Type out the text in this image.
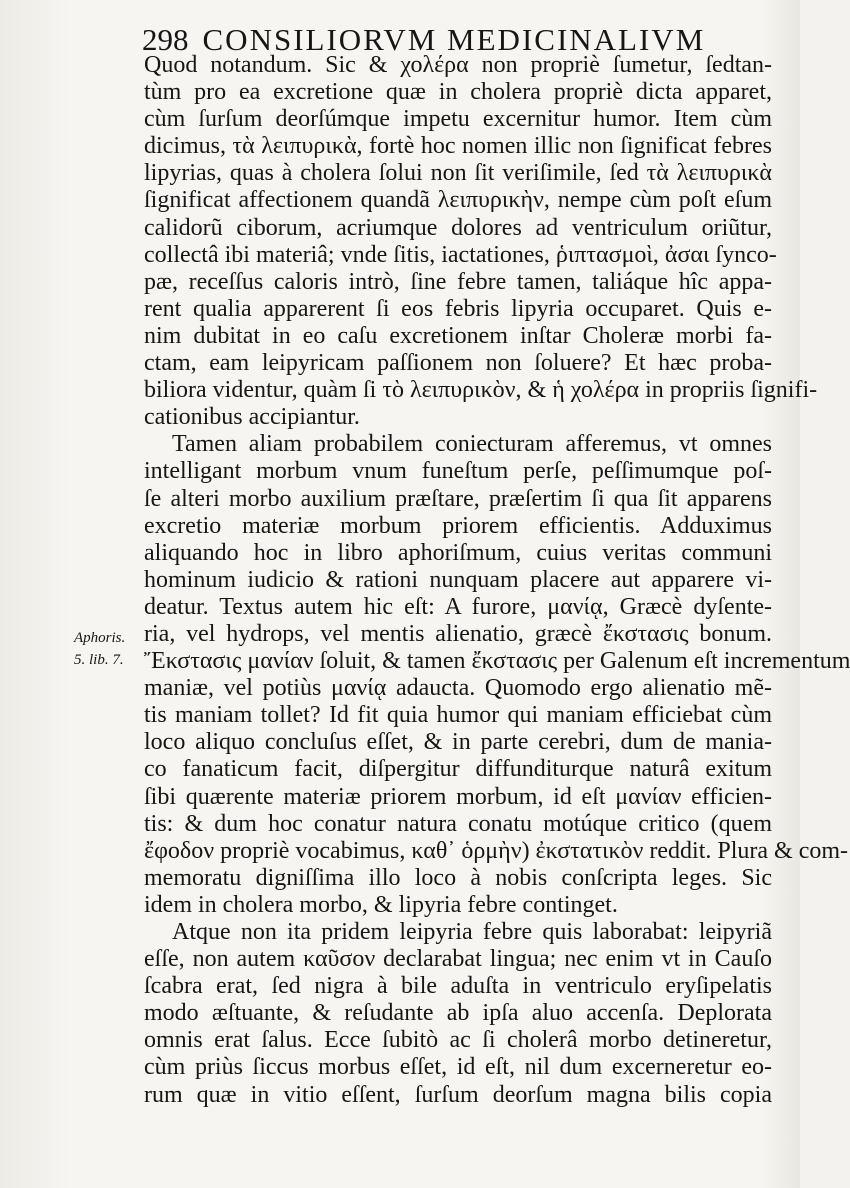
298 CONSILIORVM MEDICINALIVM
Aphoris.
5. lib. 7.
Quod notandum. Sic & χολέρα non propriè ſumetur, ſedtan-
tùm pro ea excretione quæ in cholera propriè dicta apparet,
cùm ſurſum deorſúmque impetu excernitur humor. Item cùm
dicimus, τὰ λειπυρικὰ, fortè hoc nomen illic non ſignificat febres
lipyrias, quas à cholera ſolui non ſit veriſimile, ſed τὰ λειπυρικὰ
ſignificat affectionem quandã λειπυρικὴν, nempe cùm poſt eſum
calidorũ ciborum, acriumque dolores ad ventriculum oriũtur,
collectâ ibi materiâ; vnde ſitis, iactationes, ῥιπτασμοὶ, ἀσαι ſynco-
pæ, receſſus caloris intrò, ſine febre tamen, taliáque hîc appa-
rent qualia apparerent ſi eos febris lipyria occuparet. Quis e-
nim dubitat in eo caſu excretionem inſtar Choleræ morbi fa-
ctam, eam leipyricam paſſionem non ſoluere? Et hæc proba-
biliora videntur, quàm ſi τὸ λειπυρικὸν, & ἡ χολέρα in propriis ſignifi-
cationibus accipiantur.
Tamen aliam probabilem coniecturam afferemus, vt omnes
intelligant morbum vnum funeſtum perſe, peſſimumque poſ-
ſe alteri morbo auxilium præſtare, præſertim ſi qua ſit apparens
excretio materiæ morbum priorem efficientis. Adduximus
aliquando hoc in libro aphoriſmum, cuius veritas communi
hominum iudicio & rationi nunquam placere aut apparere vi-
deatur. Textus autem hic eſt: A furore, μανίᾳ, Græcè dyſente-
ria, vel hydrops, vel mentis alienatio, græcè ἔκστασις bonum.
Ἔκστασις μανίαν ſoluit, & tamen ἔκστασις per Galenum eſt incrementum
maniæ, vel potiùs μανίᾳ adaucta. Quomodo ergo alienatio mẽ-
tis maniam tollet? Id fit quia humor qui maniam efficiebat cùm
loco aliquo concluſus eſſet, & in parte cerebri, dum de mania-
co fanaticum facit, diſpergitur diffunditurque naturâ exitum
ſibi quærente materiæ priorem morbum, id eſt μανίαν efficien-
tis: & dum hoc conatur natura conatu motúque critico (quem
ἔφοδον propriè vocabimus, καθ᾽ ὁρμὴν) ἐκστατικὸν reddit. Plura & com-
memoratu digniſſima illo loco à nobis conſcripta leges. Sic
idem in cholera morbo, & lipyria febre continget.
Atque non ita pridem leipyria febre quis laborabat: leipyriã
eſſe, non autem καῦσον declarabat lingua; nec enim vt in Cauſo
ſcabra erat, ſed nigra à bile aduſta in ventriculo eryſipelatis
modo æſtuante, & reſudante ab ipſa aluo accenſa. Deplorata
omnis erat ſalus. Ecce ſubitò ac ſi cholerâ morbo detineretur,
cùm priùs ſiccus morbus eſſet, id eſt, nil dum excerneretur eo-
rum quæ in vitio eſſent, ſurſum deorſum magna bilis copia
